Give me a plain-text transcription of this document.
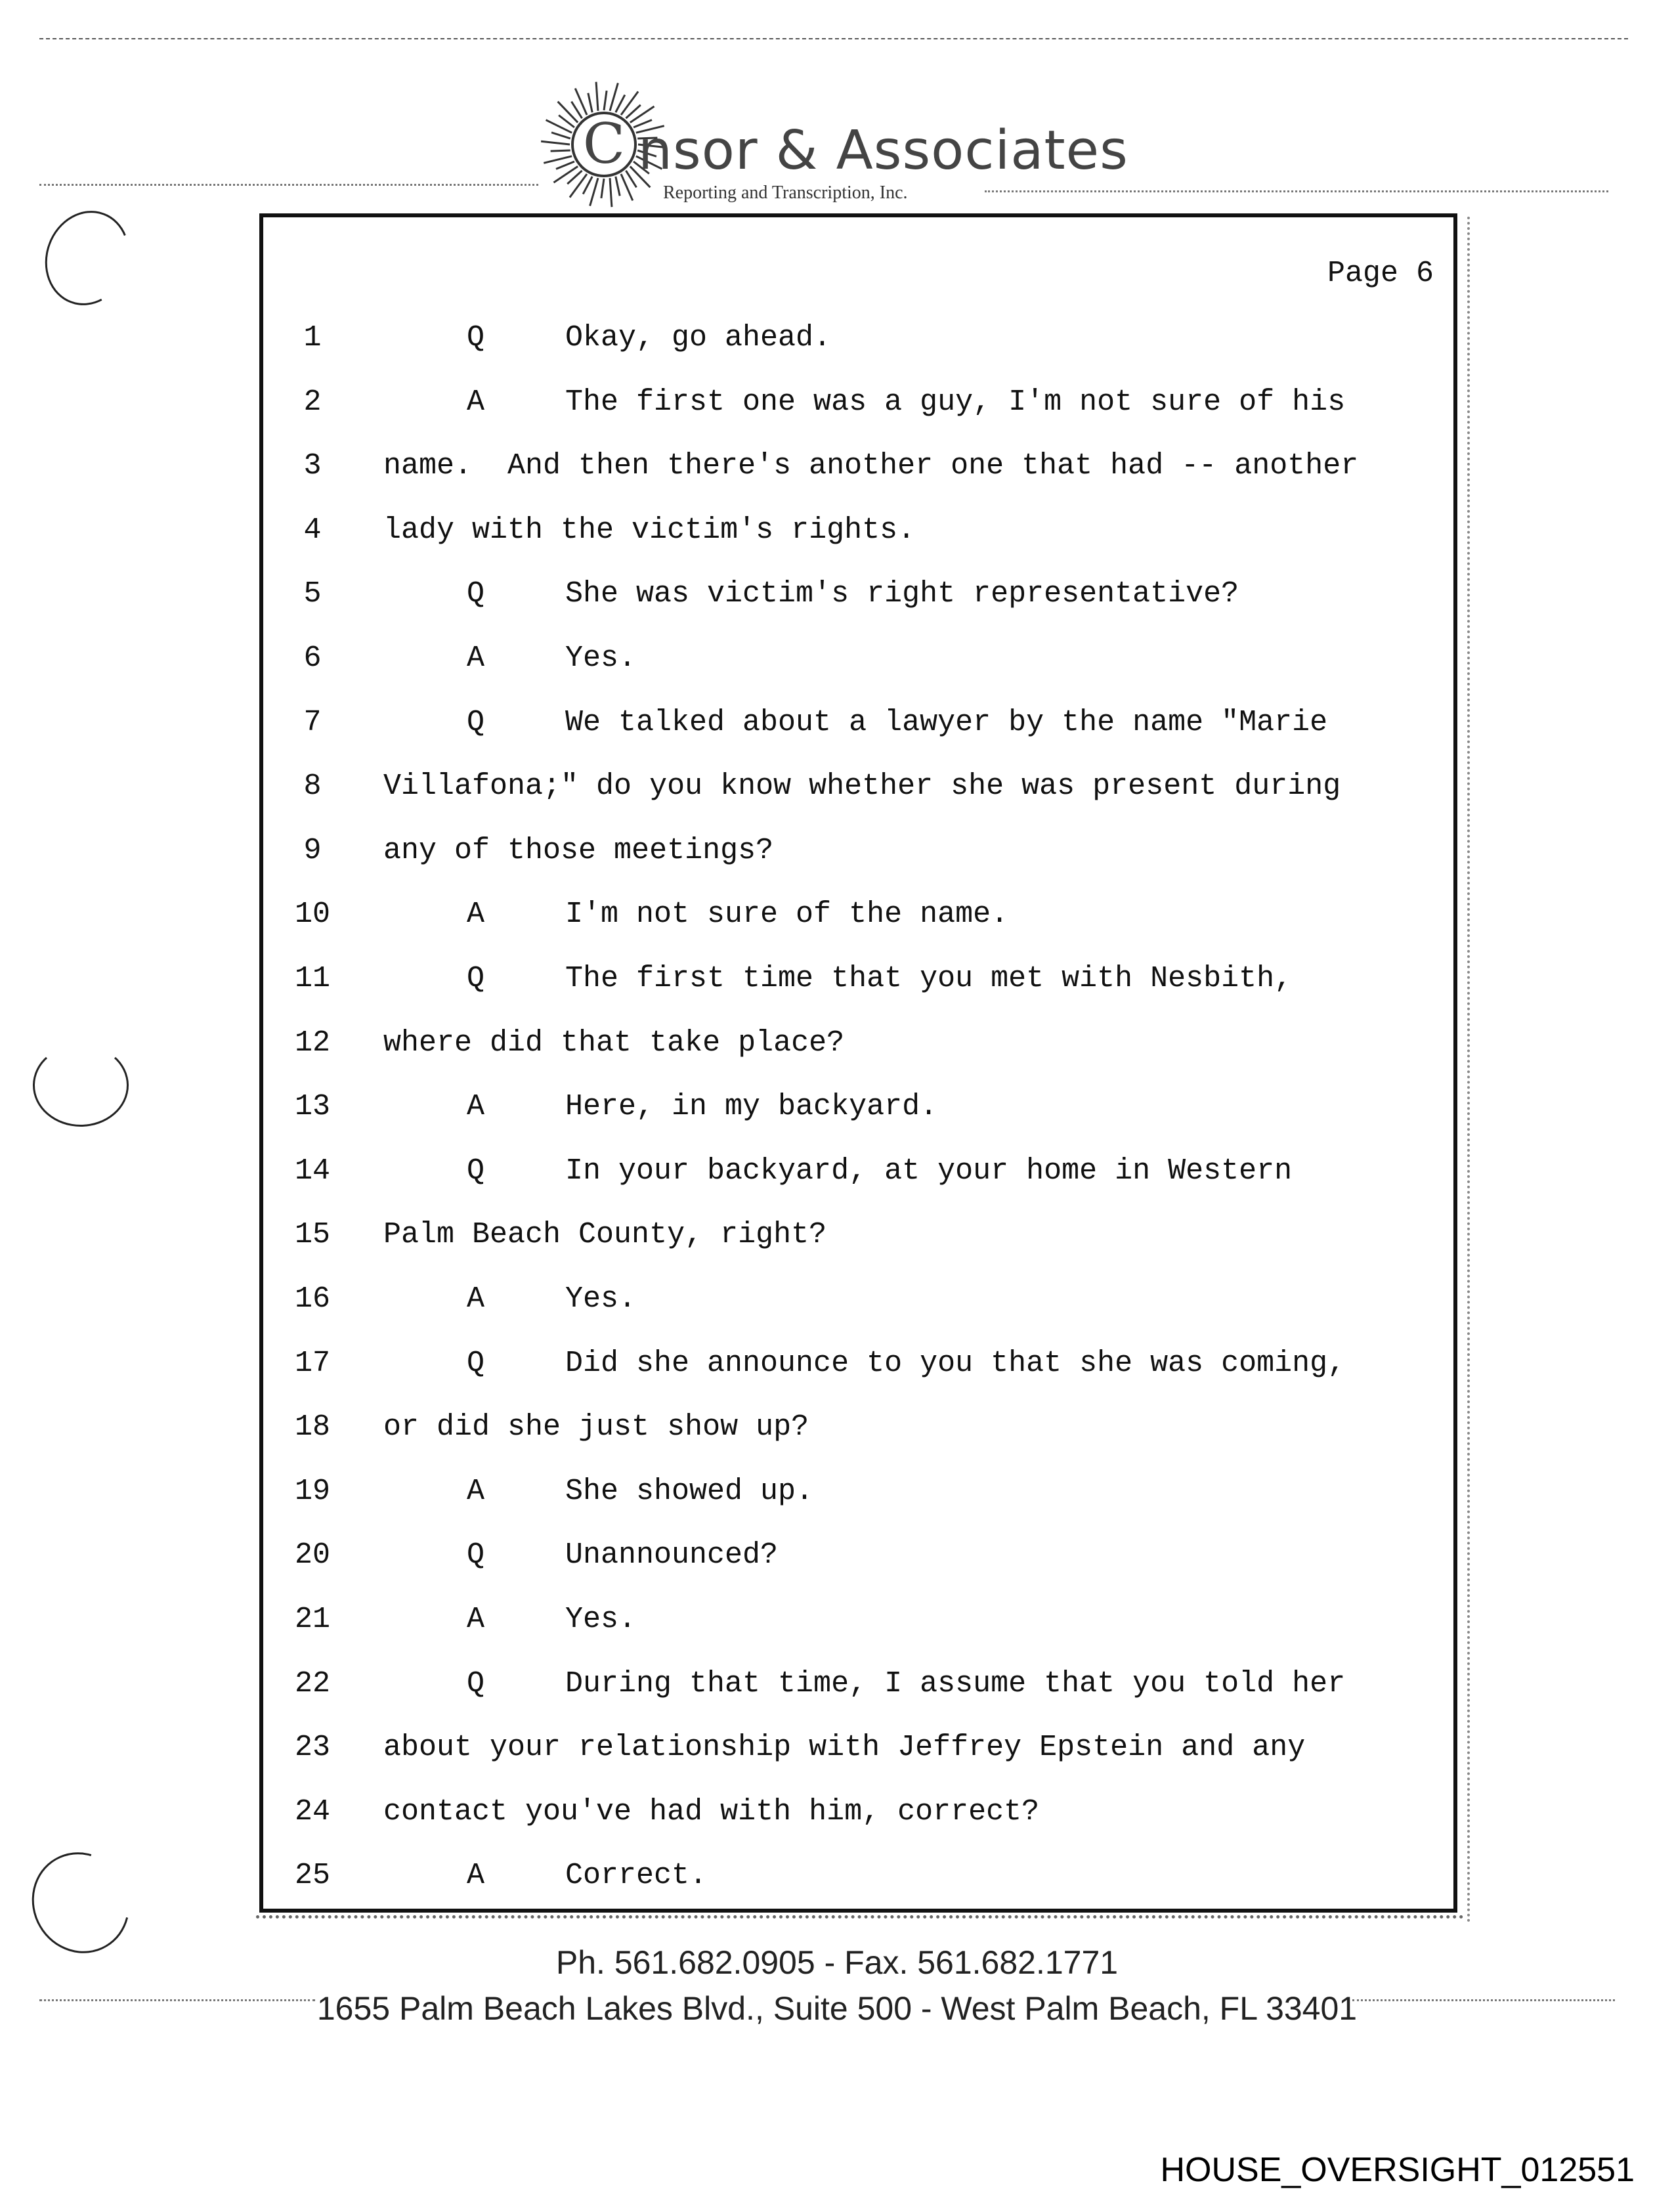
C nsor & Associates
Reporting and Transcription, Inc.
Page 6
1	Q	Okay, go ahead.
2	A	The first one was a guy, I'm not sure of his
3	name.  And then there's another one that had -- another
4	lady with the victim's rights.
5	Q	She was victim's right representative?
6	A	Yes.
7	Q	We talked about a lawyer by the name "Marie
8	Villafona;" do you know whether she was present during
9	any of those meetings?
10	A	I'm not sure of the name.
11	Q	The first time that you met with Nesbith,
12	where did that take place?
13	A	Here, in my backyard.
14	Q	In your backyard, at your home in Western
15	Palm Beach County, right?
16	A	Yes.
17	Q	Did she announce to you that she was coming,
18	or did she just show up?
19	A	She showed up.
20	Q	Unannounced?
21	A	Yes.
22	Q	During that time, I assume that you told her
23	about your relationship with Jeffrey Epstein and any
24	contact you've had with him, correct?
25	A	Correct.
Ph. 561.682.0905 - Fax. 561.682.1771
1655 Palm Beach Lakes Blvd., Suite 500 - West Palm Beach, FL 33401
HOUSE_OVERSIGHT_012551
